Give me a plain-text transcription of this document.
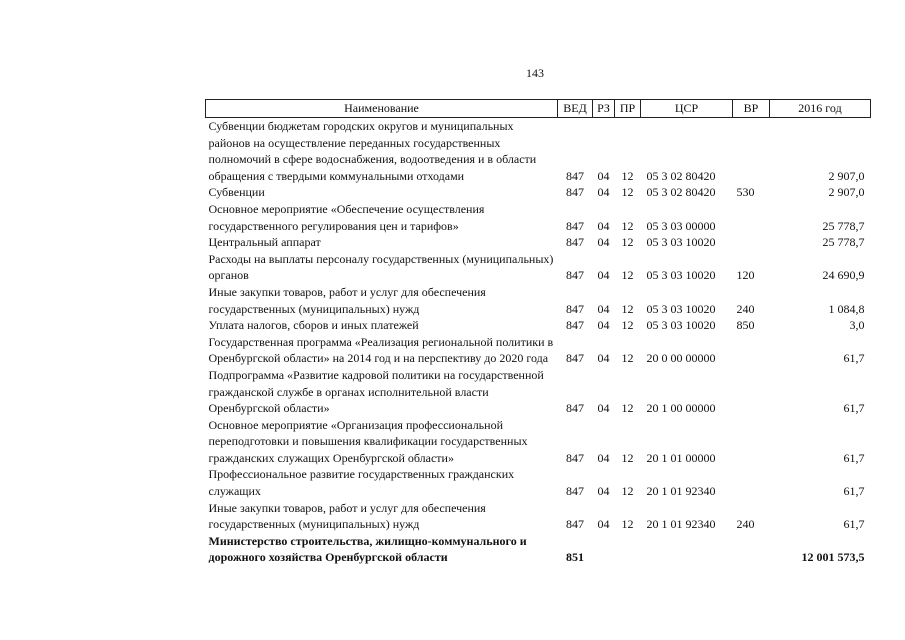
143
Наименование	ВЕД	РЗ	ПР	ЦСР	ВР	2016 год
Субвенции бюджетам городских округов и муниципальных районов на осуществление переданных государственных полномочий в сфере водоснабжения, водоотведения и в области обращения с твердыми коммунальными отходами	847	04	12	05 3 02 80420		2 907,0
Субвенции	847	04	12	05 3 02 80420	530	2 907,0
Основное мероприятие «Обеспечение осуществления государственного регулирования цен и тарифов»	847	04	12	05 3 03 00000		25 778,7
Центральный аппарат	847	04	12	05 3 03 10020		25 778,7
Расходы на выплаты персоналу государственных (муниципальных) органов	847	04	12	05 3 03 10020	120	24 690,9
Иные закупки товаров, работ и услуг для обеспечения государственных (муниципальных) нужд	847	04	12	05 3 03 10020	240	1 084,8
Уплата налогов, сборов и иных платежей	847	04	12	05 3 03 10020	850	3,0
Государственная программа «Реализация региональной политики в Оренбургской области» на 2014 год и на перспективу до 2020 года	847	04	12	20 0 00 00000		61,7
Подпрограмма «Развитие кадровой политики на государственной гражданской службе в органах исполнительной власти Оренбургской области»	847	04	12	20 1 00 00000		61,7
Основное мероприятие «Организация профессиональной переподготовки и повышения квалификации государственных гражданских служащих Оренбургской области»	847	04	12	20 1 01 00000		61,7
Профессиональное развитие государственных гражданских служащих	847	04	12	20 1 01 92340		61,7
Иные закупки товаров, работ и услуг для обеспечения государственных (муниципальных) нужд	847	04	12	20 1 01 92340	240	61,7
Министерство строительства, жилищно-коммунального и дорожного хозяйства Оренбургской области	851					12 001 573,5
